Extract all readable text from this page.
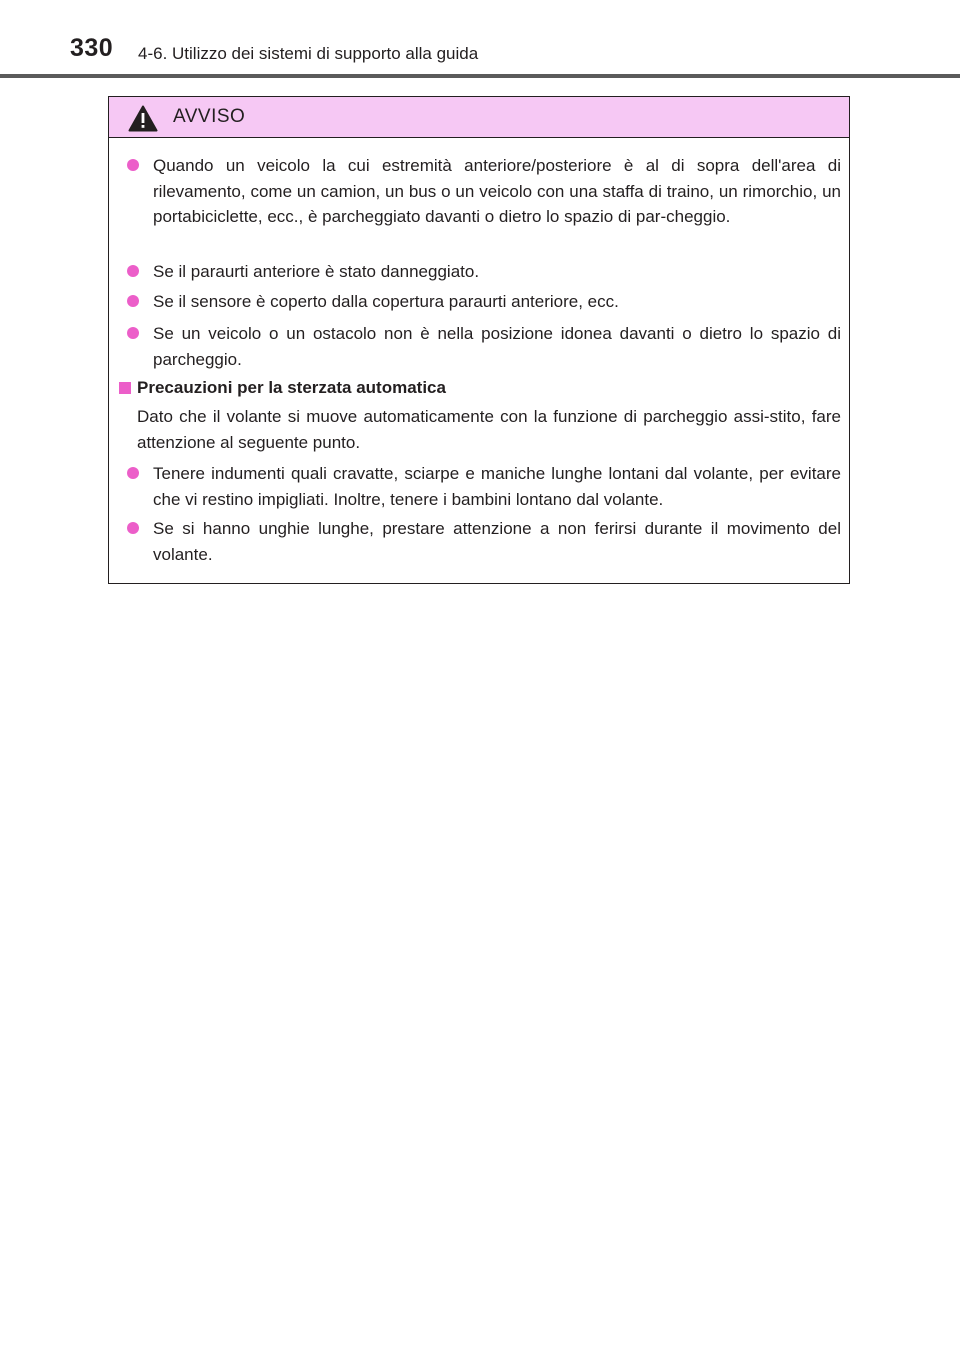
330 4-6. Utilizzo dei sistemi di supporto alla guida
AVVISO
Quando un veicolo la cui estremità anteriore/posteriore è al di sopra dell'area di rilevamento, come un camion, un bus o un veicolo con una staffa di traino, un rimorchio, un portabiciclette, ecc., è parcheggiato davanti o dietro lo spazio di par-cheggio.
Se il paraurti anteriore è stato danneggiato.
Se il sensore è coperto dalla copertura paraurti anteriore, ecc.
Se un veicolo o un ostacolo non è nella posizione idonea davanti o dietro lo spazio di parcheggio.
Precauzioni per la sterzata automatica
Dato che il volante si muove automaticamente con la funzione di parcheggio assi-stito, fare attenzione al seguente punto.
Tenere indumenti quali cravatte, sciarpe e maniche lunghe lontani dal volante, per evitare che vi restino impigliati. Inoltre, tenere i bambini lontano dal volante.
Se si hanno unghie lunghe, prestare attenzione a non ferirsi durante il movimento del volante.
